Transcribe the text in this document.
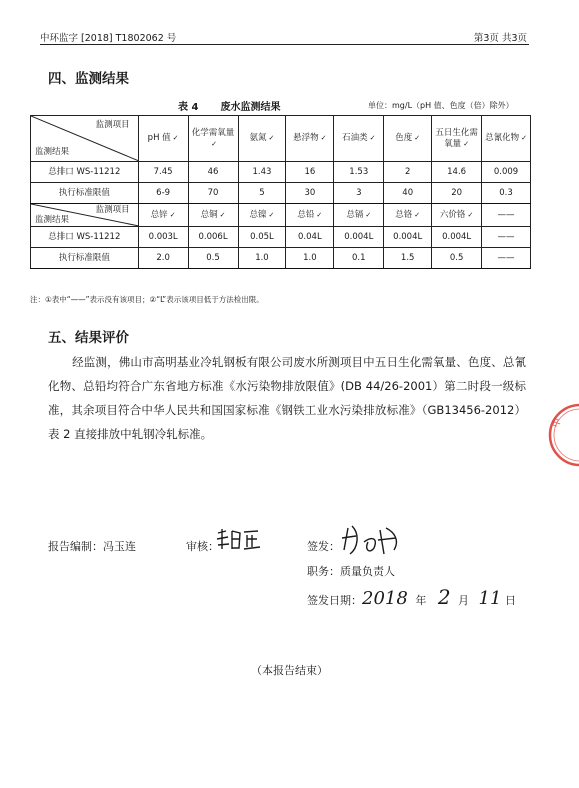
中环监字 [2018] T1802062 号	第3页 共3页
四、监测结果
表 4 废水监测结果	单位：mg/L（pH 值、色度（倍）除外）
监测项目
监测结果	pH 值 ✓	化学需氧量✓	氨氮 ✓	悬浮物 ✓	石油类 ✓	色度 ✓	五日生化需氧量 ✓	总氰化物 ✓
总排口 WS-11212	7.45	46	1.43	16	1.53	2	14.6	0.009
执行标准限值	6-9	70	5	30	3	40	20	0.3

监测项目
监测结果	总锌 ✓	总铜 ✓	总镍 ✓	总铅 ✓	总镉 ✓	总铬 ✓	六价铬 ✓	——
总排口 WS-11212	0.003L	0.006L	0.05L	0.04L	0.004L	0.004L	0.004L	——
执行标准限值	2.0	0.5	1.0	1.0	0.1	1.5	0.5	——
注：①表中“——”表示没有该项目；②“L”表示该项目低于方法检出限。
五、结果评价
经监测，佛山市高明基业冷轧钢板有限公司废水所测项目中五日生化需氧量、色度、总氰化物、总铅均符合广东省地方标准《水污染物排放限值》(DB 44/26-2001）第二时段一级标准，其余项目符合中华人民共和国国家标准《钢铁工业水污染排放标准》（GB13456-2012）表 2 直接排放中轧钢冷轧标准。
中
报告编制：冯玉连	审核：	签发：
职务：质量负责人
签发日期：2018 年 2 月 11 日
（本报告结束）
